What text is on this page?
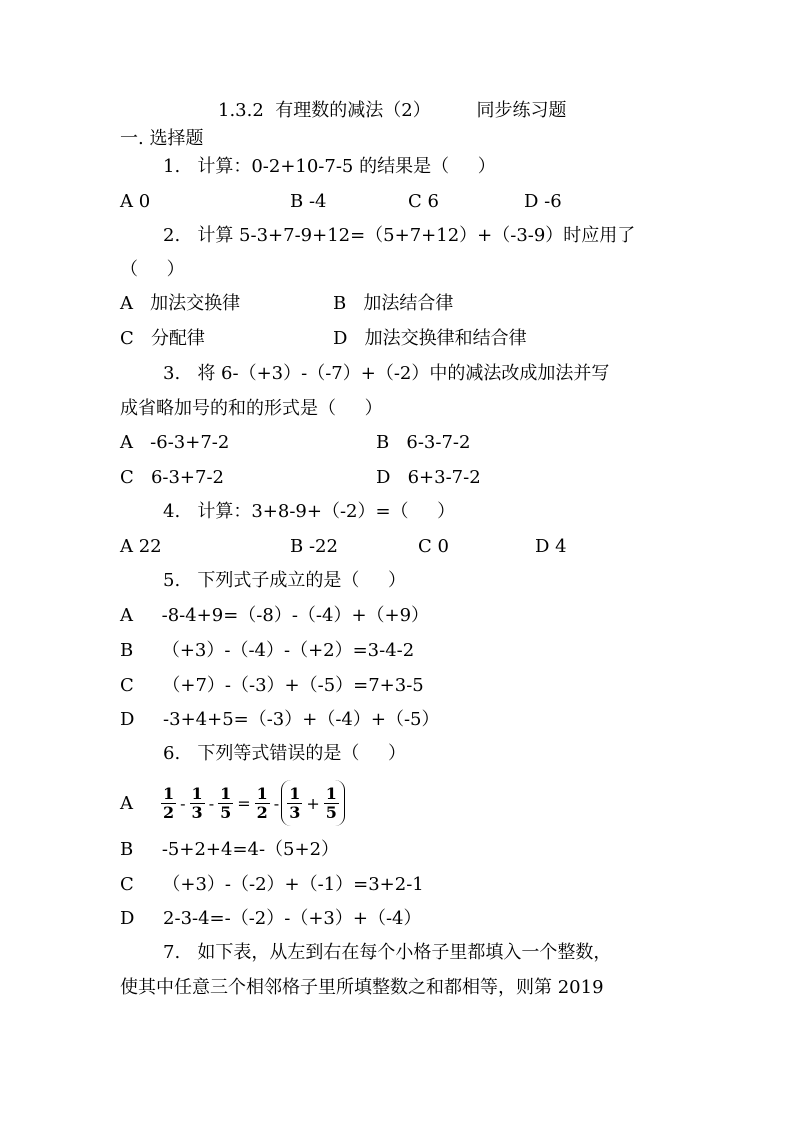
1.3.2  有理数的减法（2）        同步练习题
一. 选择题
1.   计算：0-2+10-7-5 的结果是（     ）
A 0	B -4	C 6	D -6
2.   计算 5-3+7-9+12=（5+7+12）+（-3-9）时应用了
（     ）
A   加法交换律	B   加法结合律
C   分配律	D   加法交换律和结合律
3.   将 6-（+3）-（-7）+（-2）中的减法改成加法并写
成省略加号的和的形式是（     ）
A   -6-3+7-2	B   6-3-7-2
C   6-3+7-2	D   6+3-7-2
4.   计算：3+8-9+（-2）=（     ）
A 22	B -22	C 0	D 4
5.   下列式子成立的是（     ）
A     -8-4+9=（-8）-（-4）+（+9）
B     （+3）-（-4）-（+2）=3-4-2
C     （+7）-（-3）+（-5）=7+3-5
D     -3+4+5=（-3）+（-4）+（-5）
6.   下列等式错误的是（     ）
A $\frac{1}{2} - \frac{1}{3} - \frac{1}{5} = \frac{1}{2} - \frac{1}{3} + \frac{1}{5}$
B     -5+2+4=4-（5+2）
C     （+3）-（-2）+（-1）=3+2-1
D     2-3-4=-（-2）-（+3）+（-4）
7.   如下表，从左到右在每个小格子里都填入一个整数，
使其中任意三个相邻格子里所填整数之和都相等，则第 2019
